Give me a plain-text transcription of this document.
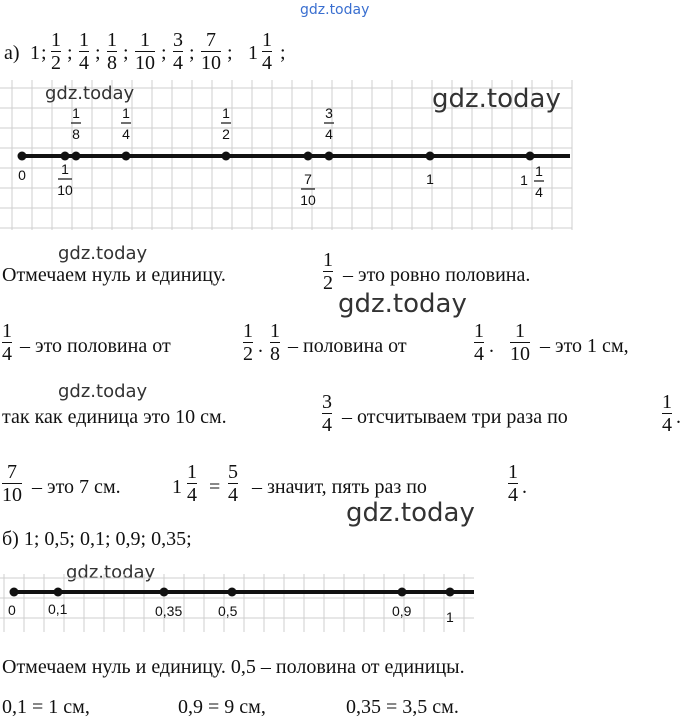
gdz.today
а) 1 ;
1
2 ;
1
4 ;
1
8 ;
1
10 ;
3
4 ;
7
10 ; 1
1
4 ;
0	1
10
1
8
1
4
1
2
7
10
3
4
1	1
1
4
gdz.today	gdz.today
gdz.today
Отмечаем нуль и единицу.
1
2 – это ровно половина.
gdz.today
1
4 – это половина от
1
2 .
1
8 – половина от
1
4 .
1
10 – это 1 см,
gdz.today
так как единица это 10 см.
3
4 – отсчитываем три раза по
1
4 .
7
10 – это 7 см.	1
1
4 =
5
4 – значит, пять раз по
1
4 .
gdz.today
б) 1; 0,5; 0,1; 0,9; 0,35;
gdz.today
0 0,1	0,35	0,5	0,9 1
Отмечаем нуль и единицу. 0,5 – половина от единицы.
0,1 = 1 см,	0,9 = 9 см,	0,35 = 3,5 см.
